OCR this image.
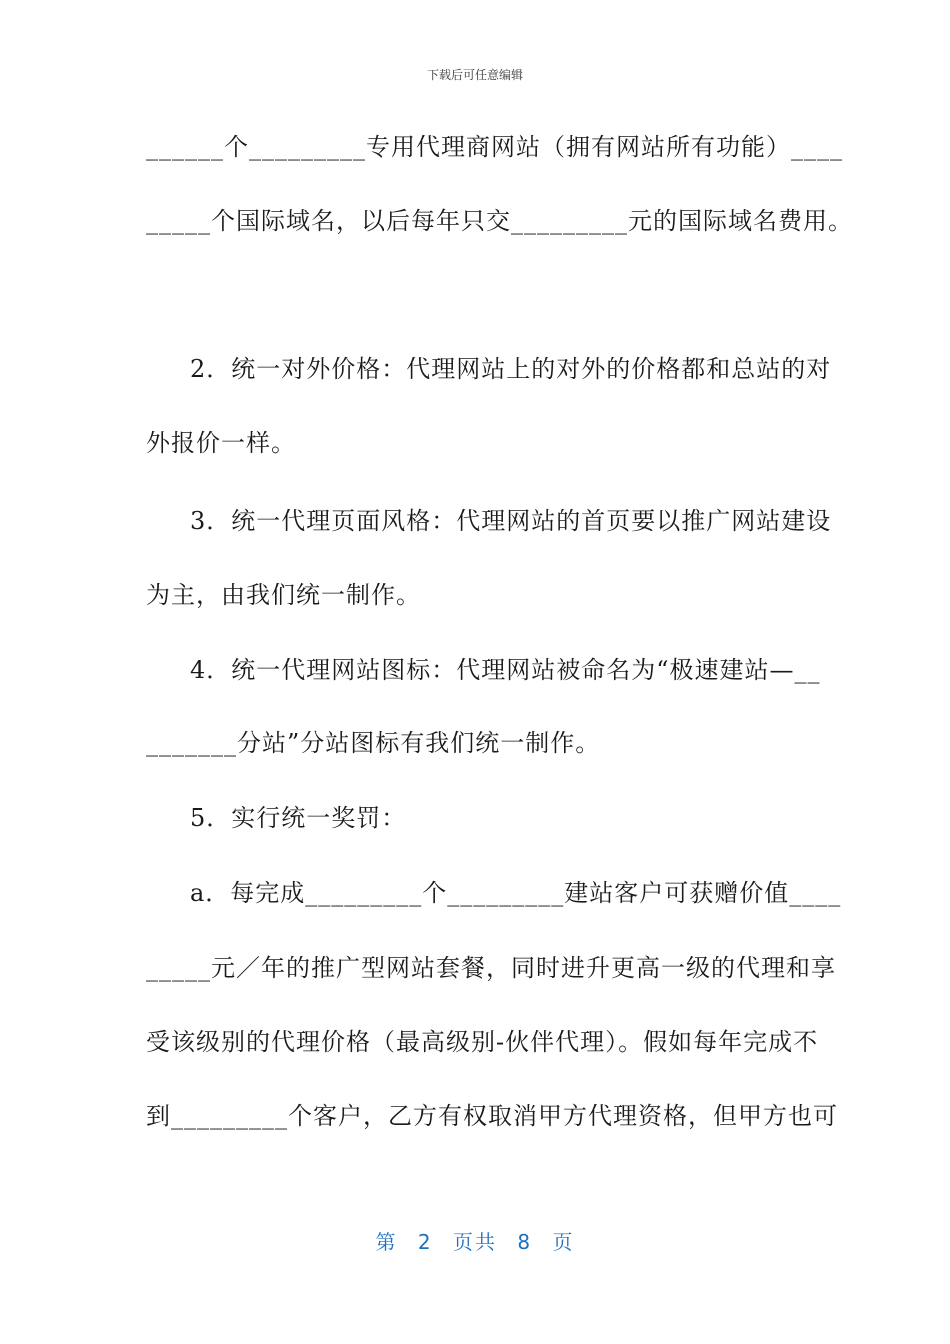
下载后可任意编辑
______个_________专用代理商网站（拥有网站所有功能）____
_____个国际域名，以后每年只交_________元的国际域名费用。
2．统一对外价格：代理网站上的对外的价格都和总站的对
外报价一样。
3．统一代理页面风格：代理网站的首页要以推广网站建设
为主，由我们统一制作。
4．统一代理网站图标：代理网站被命名为“极速建站—__
_______分站”分站图标有我们统一制作。
5．实行统一奖罚：
a．每完成_________个_________建站客户可获赠价值____
_____元／年的推广型网站套餐，同时进升更高一级的代理和享
受该级别的代理价格（最高级别-伙伴代理）。假如每年完成不
到_________个客户，乙方有权取消甲方代理资格，但甲方也可
第 2 页共 8 页
